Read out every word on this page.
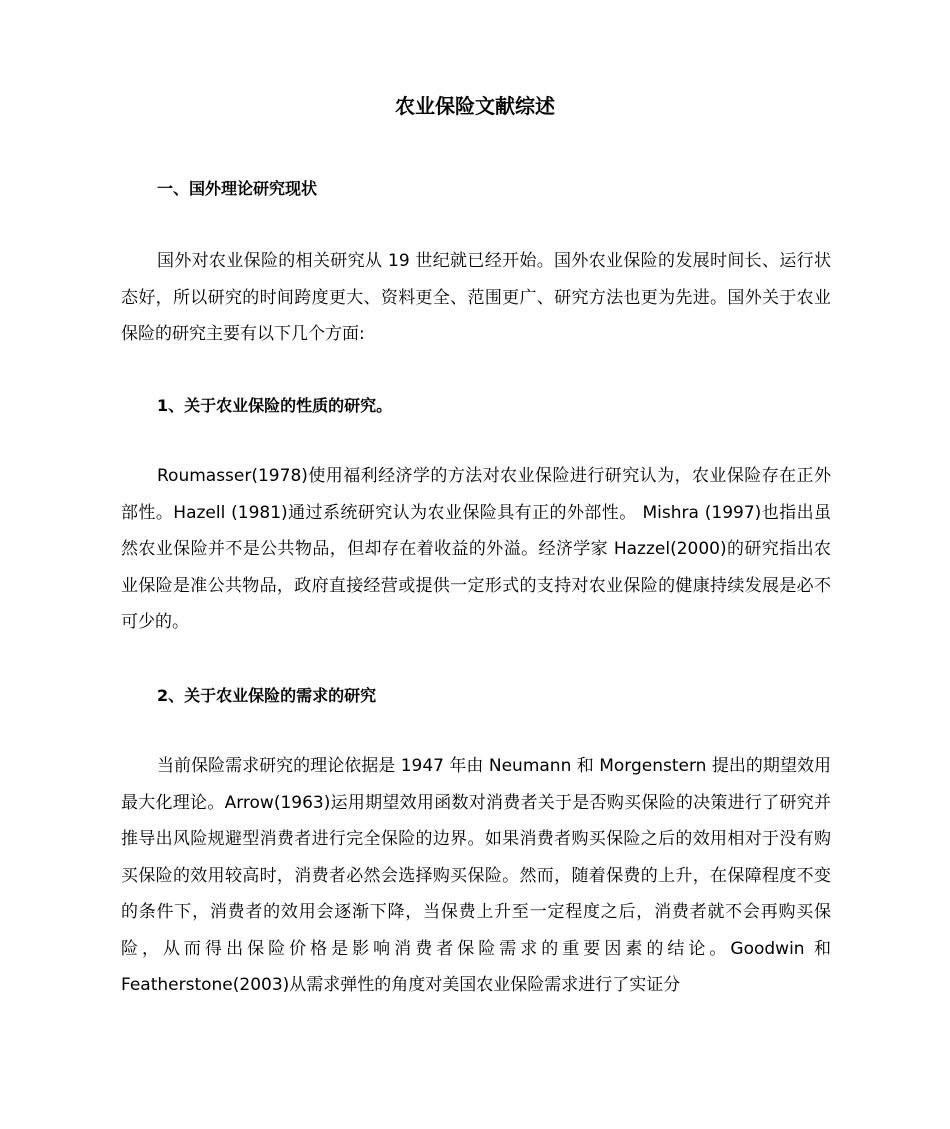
农业保险文献综述
一、国外理论研究现状

国外对农业保险的相关研究从 19 世纪就已经开始。国外农业保险的发展时间长、运行状态好，所以研究的时间跨度更大、资料更全、范围更广、研究方法也更为先进。国外关于农业保险的研究主要有以下几个方面:

1、关于农业保险的性质的研究。

Roumasser(1978)使用福利经济学的方法对农业保险进行研究认为，农业保险存在正外部性。Hazell (1981)通过系统研究认为农业保险具有正的外部性。 Mishra (1997)也指出虽然农业保险并不是公共物品，但却存在着收益的外溢。经济学家 Hazzel(2000)的研究指出农业保险是准公共物品，政府直接经营或提供一定形式的支持对农业保险的健康持续发展是必不可少的。

2、关于农业保险的需求的研究

当前保险需求研究的理论依据是 1947 年由 Neumann 和 Morgenstern 提出的期望效用最大化理论。Arrow(1963)运用期望效用函数对消费者关于是否购买保险的决策进行了研究并推导出风险规避型消费者进行完全保险的边界。如果消费者购买保险之后的效用相对于没有购买保险的效用较高时，消费者必然会选择购买保险。然而，随着保费的上升，在保障程度不变的条件下，消费者的效用会逐渐下降，当保费上升至一定程度之后，消费者就不会再购买保险，从而得出保险价格是影响消费者保险需求的重要因素的结论。Goodwin 和 Featherstone(2003)从需求弹性的角度对美国农业保险需求进行了实证分
